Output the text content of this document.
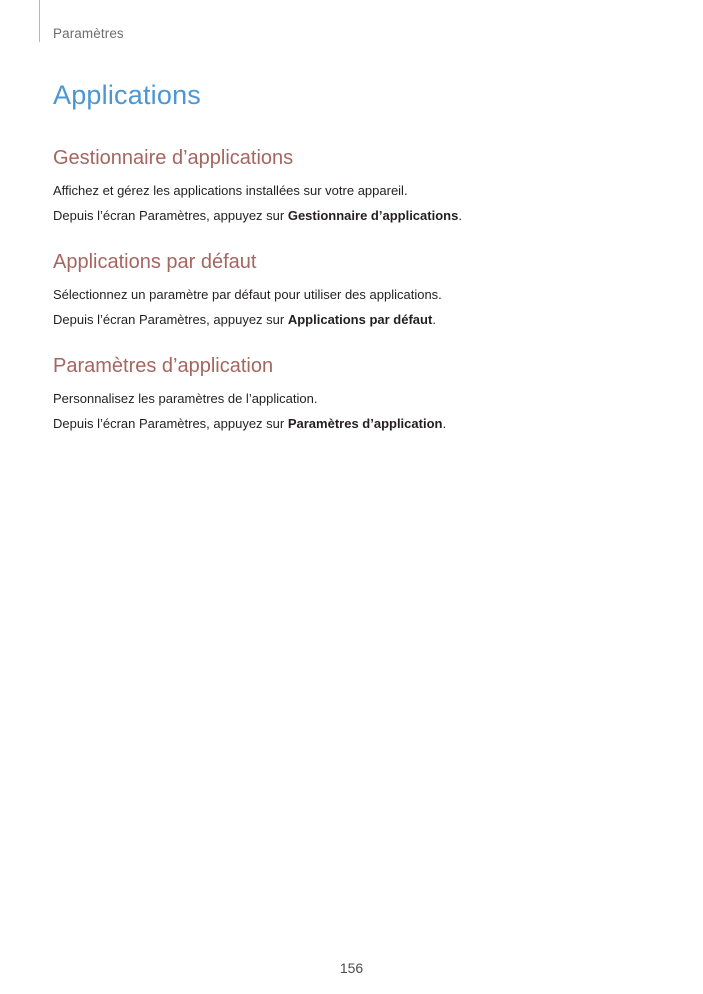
Paramètres
Applications
Gestionnaire d’applications

Affichez et gérez les applications installées sur votre appareil.

Depuis l’écran Paramètres, appuyez sur Gestionnaire d’applications.

Applications par défaut

Sélectionnez un paramètre par défaut pour utiliser des applications.

Depuis l’écran Paramètres, appuyez sur Applications par défaut.

Paramètres d’application

Personnalisez les paramètres de l’application.

Depuis l’écran Paramètres, appuyez sur Paramètres d’application.

156
